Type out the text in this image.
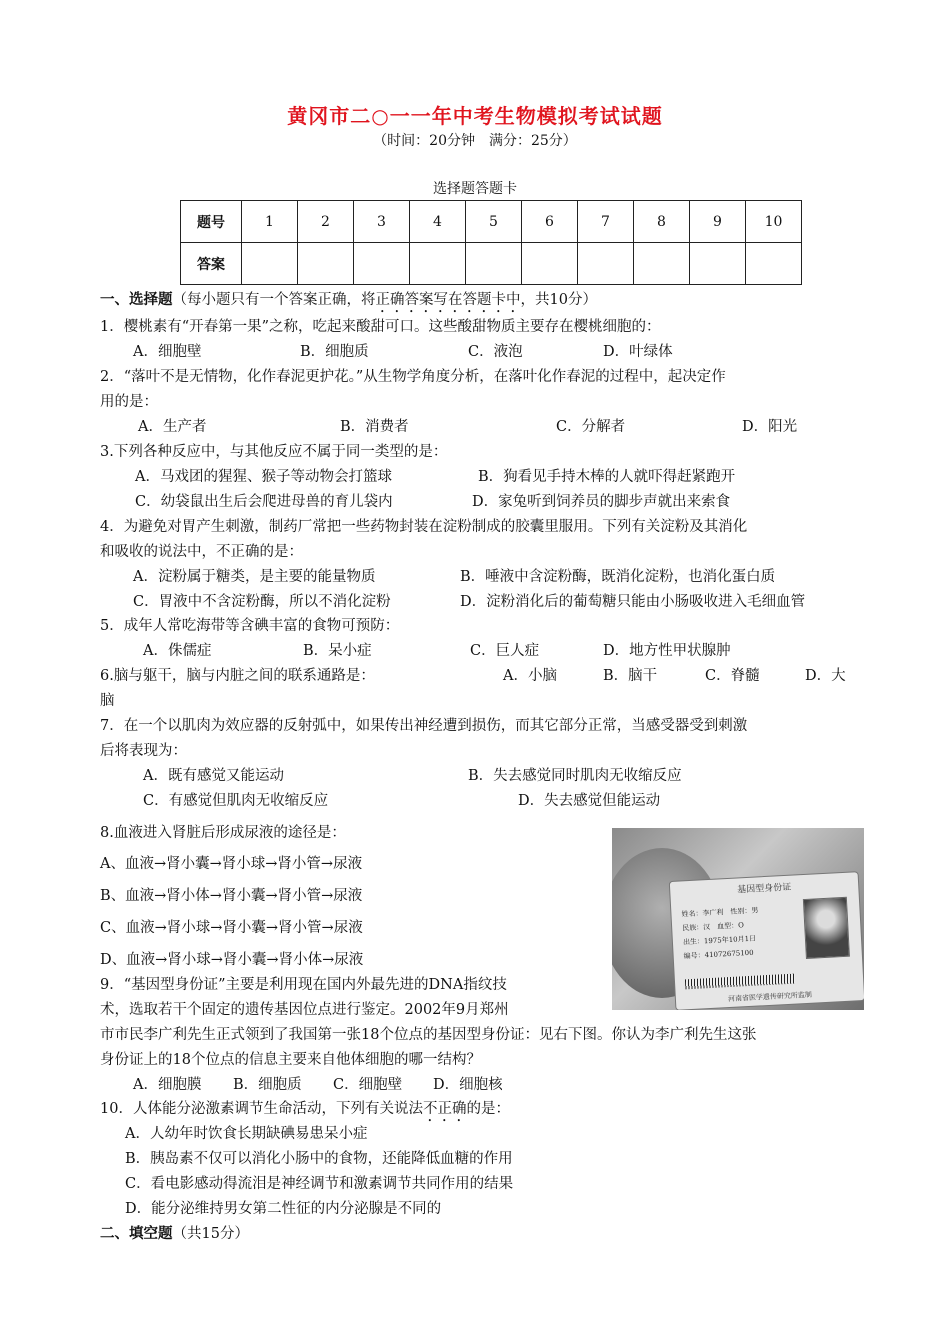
黄冈市二○一一年中考生物模拟考试试题
（时间：20分钟　满分：25分）
选择题答题卡
题号	1	2	3	4	5	6	7	8	9	10
答案										
一、选择题（每小题只有一个答案正确，将正确答案写在答题卡中，共10分）
1．樱桃素有“开春第一果”之称，吃起来酸甜可口。这些酸甜物质主要存在樱桃细胞的：
A．细胞壁	B．细胞质	C．液泡	D．叶绿体
2．“落叶不是无情物，化作春泥更护花。”从生物学角度分析，在落叶化作春泥的过程中，起决定作
用的是：
A．生产者	B．消费者	C．分解者	D．阳光
3.下列各种反应中，与其他反应不属于同一类型的是：
A．马戏团的猩猩、猴子等动物会打篮球	B．狗看见手持木棒的人就吓得赶紧跑开
C．幼袋鼠出生后会爬进母兽的育儿袋内	D．家兔听到饲养员的脚步声就出来索食
4．为避免对胃产生刺激，制药厂常把一些药物封装在淀粉制成的胶囊里服用。下列有关淀粉及其消化
和吸收的说法中，不正确的是：
A．淀粉属于糖类，是主要的能量物质	B．唾液中含淀粉酶，既消化淀粉，也消化蛋白质
C．胃液中不含淀粉酶，所以不消化淀粉	D．淀粉消化后的葡萄糖只能由小肠吸收进入毛细血管
5．成年人常吃海带等含碘丰富的食物可预防：
A．侏儒症	B．呆小症	C．巨人症	D．地方性甲状腺肿
6.脑与躯干，脑与内脏之间的联系通路是：	A．小脑	B．脑干	C．脊髓	D．大
脑
7．在一个以肌肉为效应器的反射弧中，如果传出神经遭到损伤，而其它部分正常，当感受器受到刺激
后将表现为：
A．既有感觉又能运动	B．失去感觉同时肌肉无收缩反应
C．有感觉但肌肉无收缩反应	D．失去感觉但能运动
8.血液进入肾脏后形成尿液的途径是：
A、血液→肾小囊→肾小球→肾小管→尿液
B、血液→肾小体→肾小囊→肾小管→尿液
C、血液→肾小球→肾小囊→肾小管→尿液
D、血液→肾小球→肾小囊→肾小体→尿液
基因型身份证
姓名：李广利　性别：男
民族：汉　血型：O
出生：1975年10月1日
编号：41072675100
河南省医学遗传研究所监制
9．“基因型身份证”主要是利用现在国内外最先进的DNA指纹技
术，选取若干个固定的遗传基因位点进行鉴定。2002年9月郑州
市市民李广利先生正式领到了我国第一张18个位点的基因型身份证：见右下图。你认为李广利先生这张
身份证上的18个位点的信息主要来自他体细胞的哪一结构？
A．细胞膜 B．细胞质 C．细胞壁 D．细胞核
10．人体能分泌激素调节生命活动，下列有关说法不正确的是：
A．人幼年时饮食长期缺碘易患呆小症
B．胰岛素不仅可以消化小肠中的食物，还能降低血糖的作用
C．看电影感动得流泪是神经调节和激素调节共同作用的结果
D．能分泌维持男女第二性征的内分泌腺是不同的
二、填空题（共15分）
